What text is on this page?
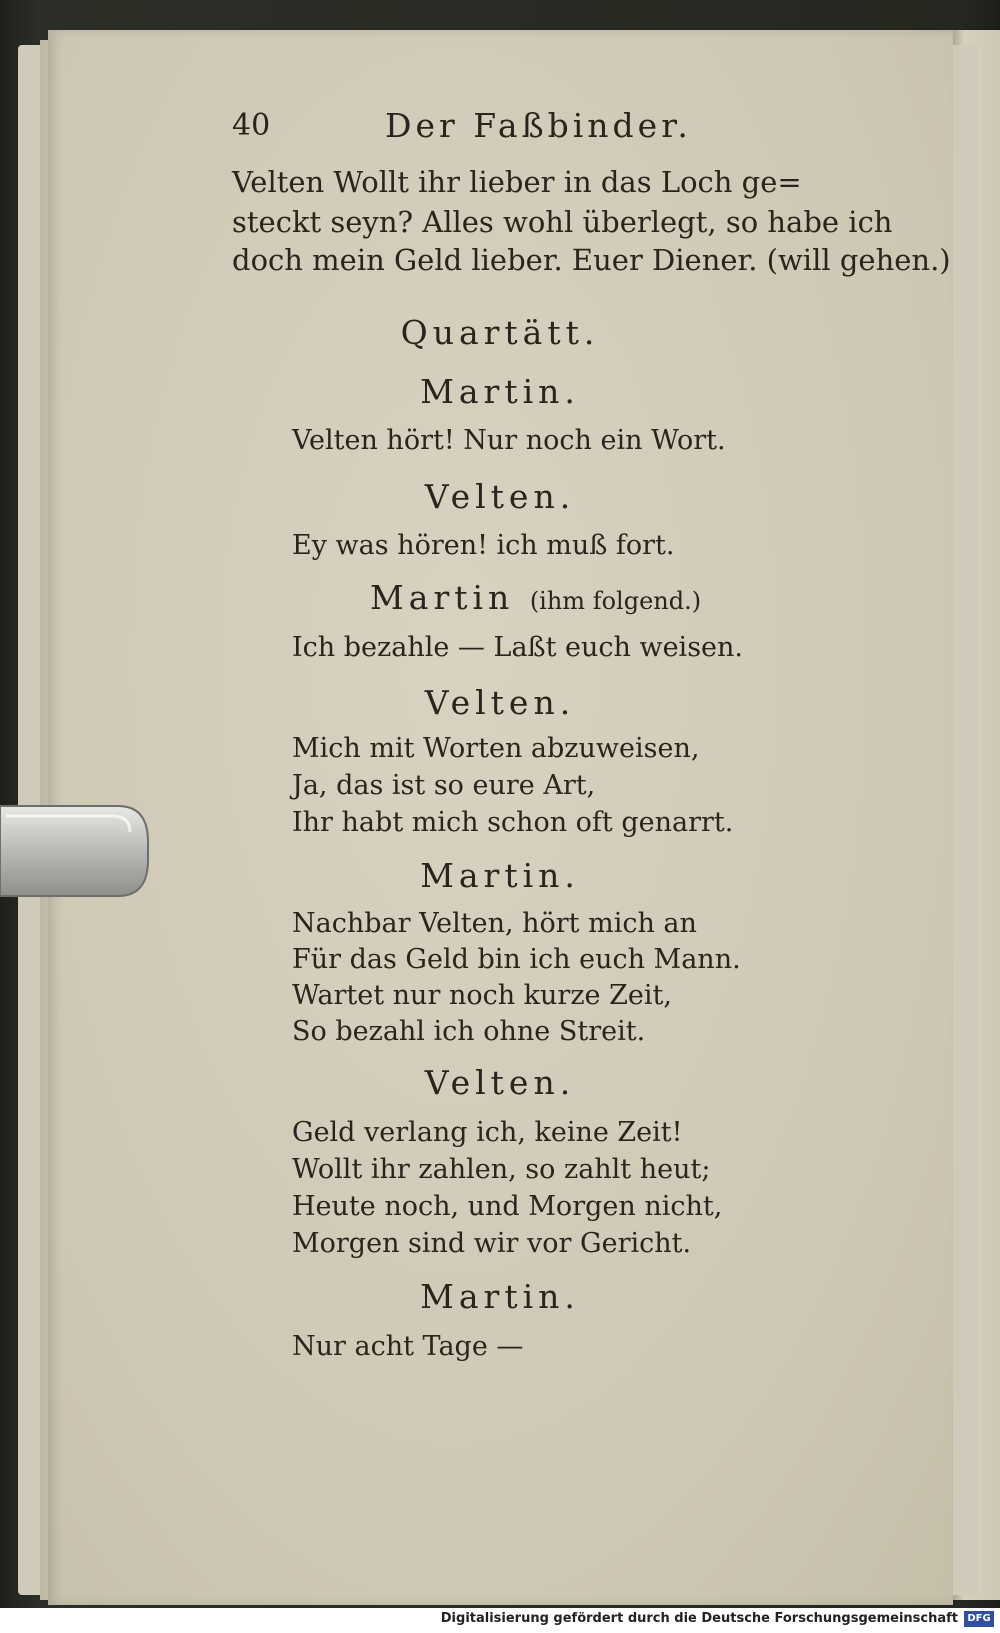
40	Der Faßbinder.
Velten Wollt ihr lieber in das Loch ge=
steckt seyn? Alles wohl überlegt, so habe ich
doch mein Geld lieber. Euer Diener. (will gehen.)
Quartätt.
Martin.
Velten hört! Nur noch ein Wort.
Velten.
Ey was hören! ich muß fort.
Martin (ihm folgend.)
Ich bezahle — Laßt euch weisen.
Velten.
Mich mit Worten abzuweisen,
Ja, das ist so eure Art,
Ihr habt mich schon oft genarrt.
Martin.
Nachbar Velten, hört mich an
Für das Geld bin ich euch Mann.
Wartet nur noch kurze Zeit,
So bezahl ich ohne Streit.
Velten.
Geld verlang ich, keine Zeit!
Wollt ihr zahlen, so zahlt heut;
Heute noch, und Morgen nicht,
Morgen sind wir vor Gericht.
Martin.
Nur acht Tage —
Digitalisierung gefördert durch die Deutsche Forschungsgemeinschaft DFG
